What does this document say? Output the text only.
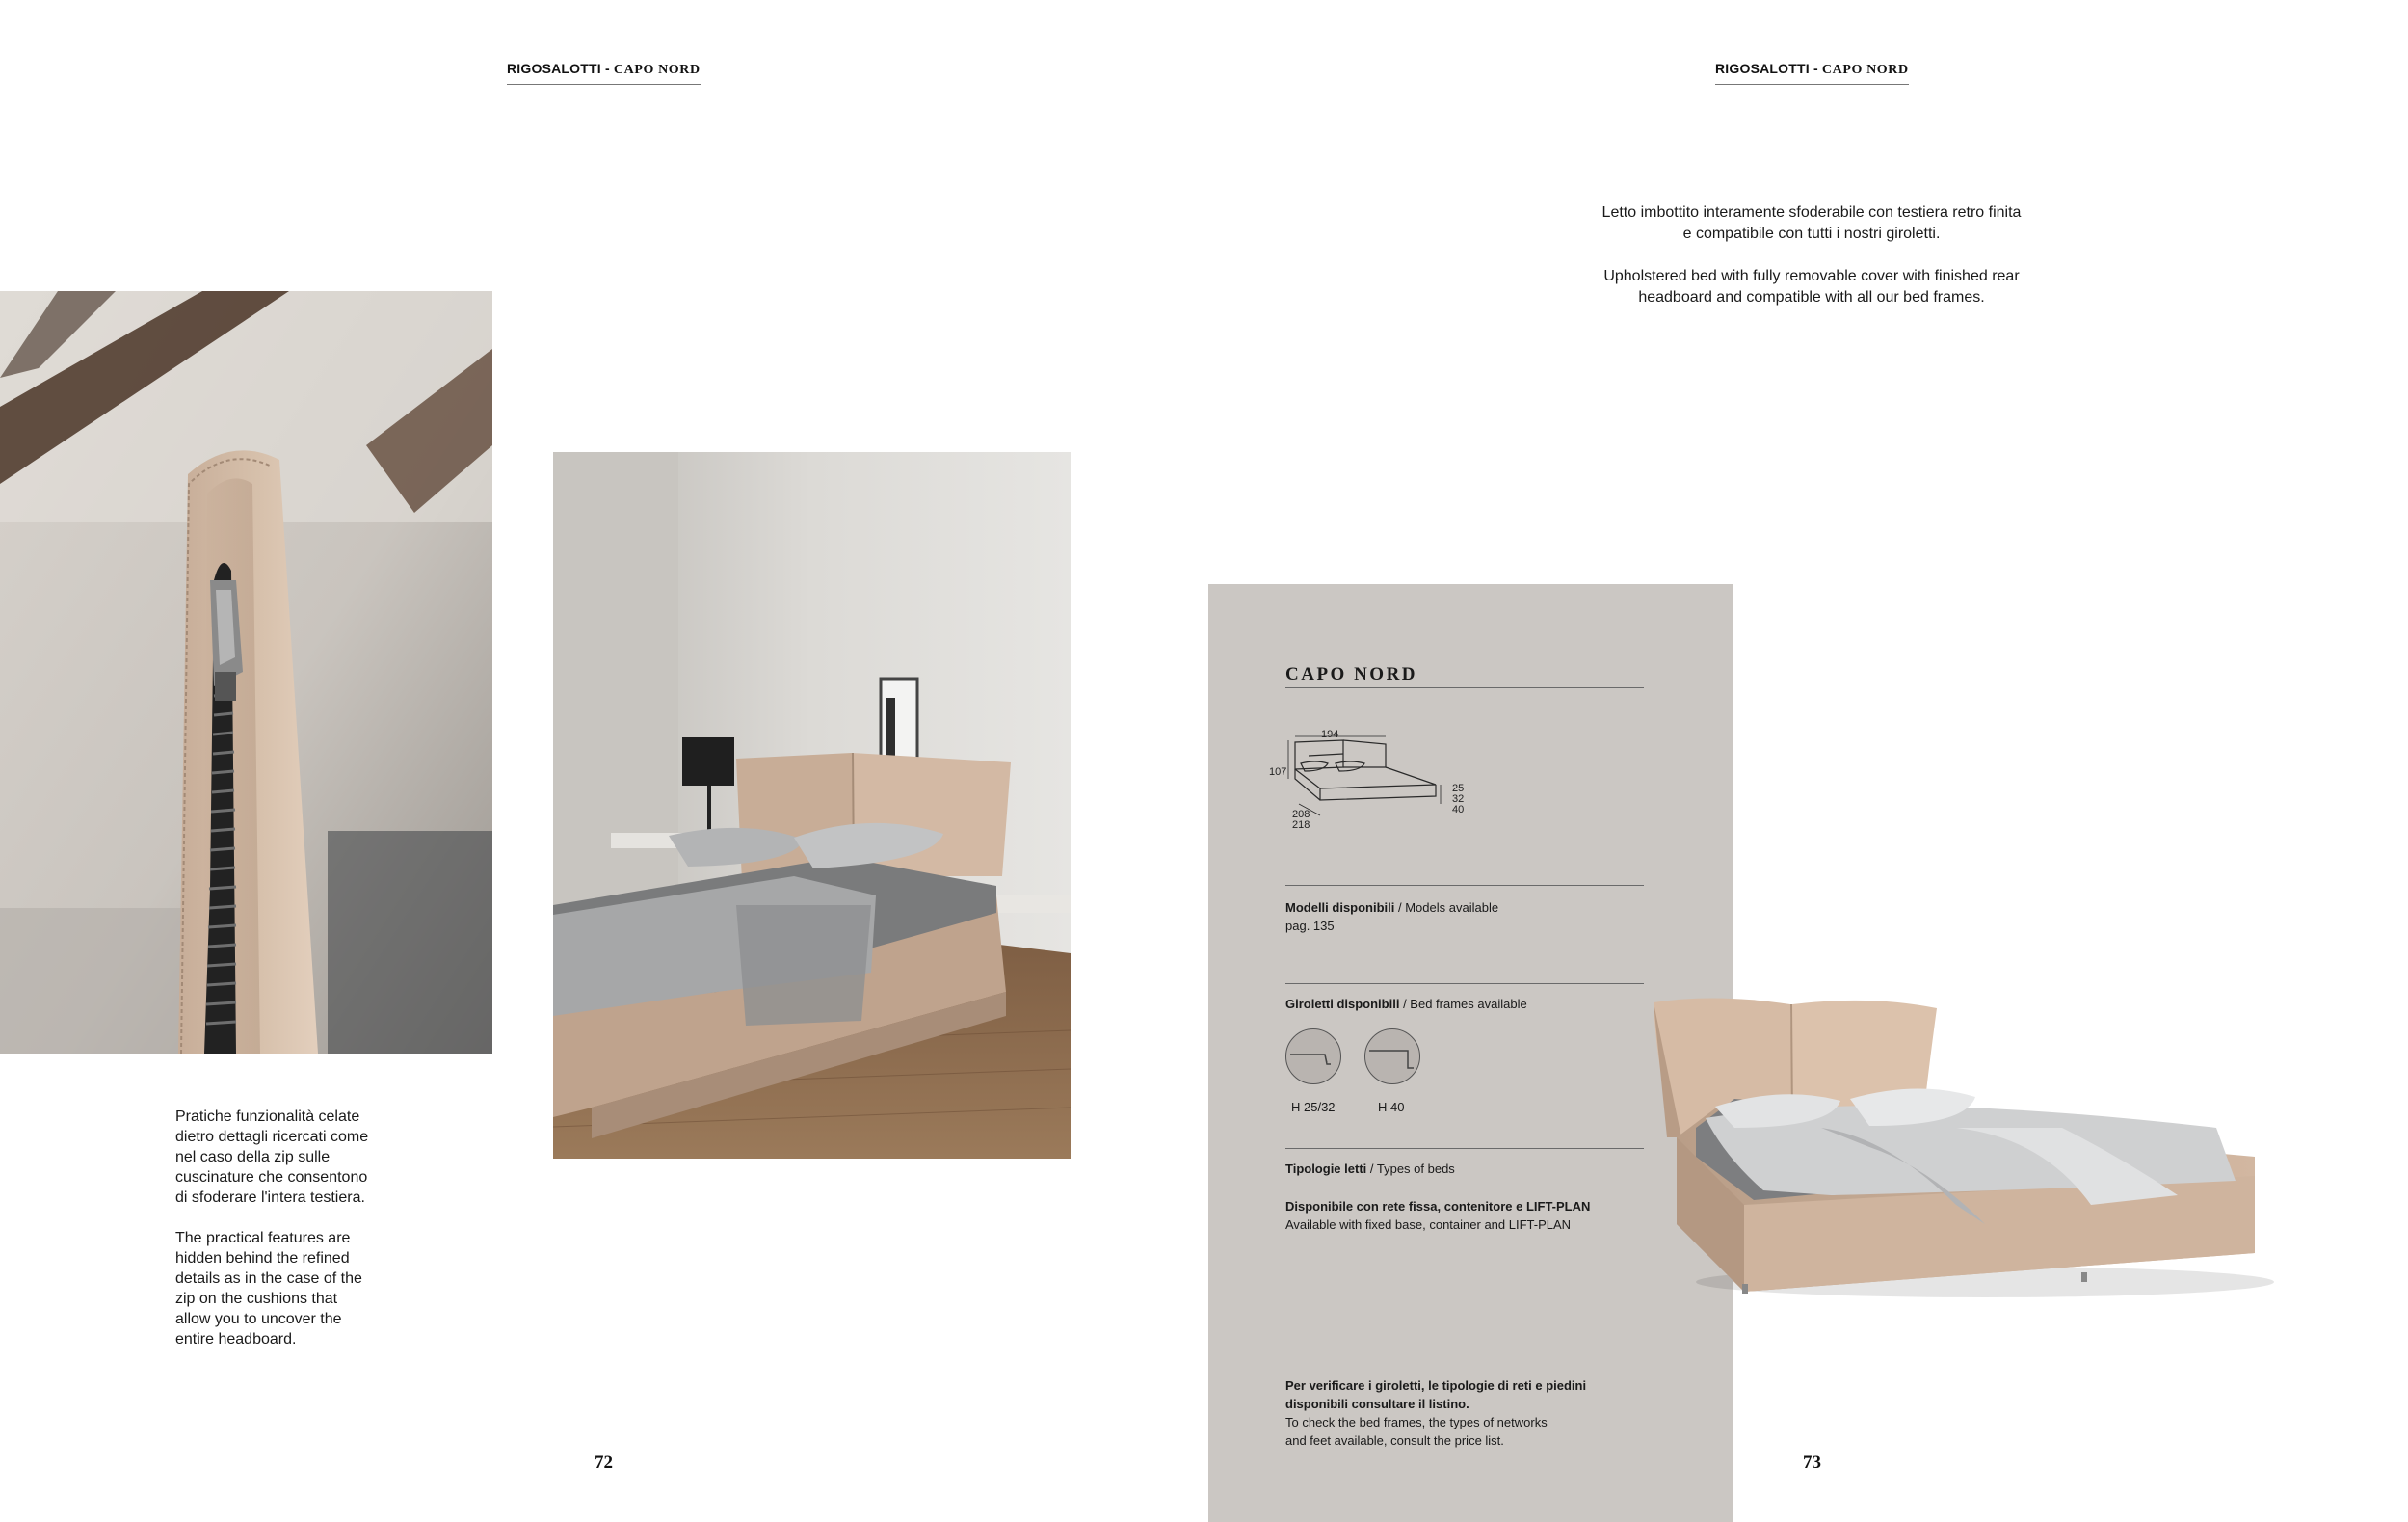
RIGOSALOTTI - CAPO NORD

Pratiche funzionalità celate
dietro dettagli ricercati come
nel caso della zip sulle
cuscinature che consentono
di sfoderare l'intera testiera.

The practical features are
hidden behind the refined
details as in the case of the
zip on the cushions that
allow you to uncover the
entire headboard.

72
RIGOSALOTTI - CAPO NORD

Letto imbottito interamente sfoderabile con testiera retro finita
e compatibile con tutti i nostri giroletti.

Upholstered bed with fully removable cover with finished rear
headboard and compatible with all our bed frames.

CAPO NORD
194
107
208
218
25
32
40
Modelli disponibili / Models available
pag. 135
Giroletti disponibili / Bed frames available
H 25/32	H 40
Tipologie letti / Types of beds
Disponibile con rete fissa, contenitore e LIFT-PLAN
Available with fixed base, container and LIFT-PLAN
Per verificare i giroletti, le tipologie di reti e piedini
disponibili consultare il listino.
To check the bed frames, the types of networks
and feet available, consult the price list.
73
